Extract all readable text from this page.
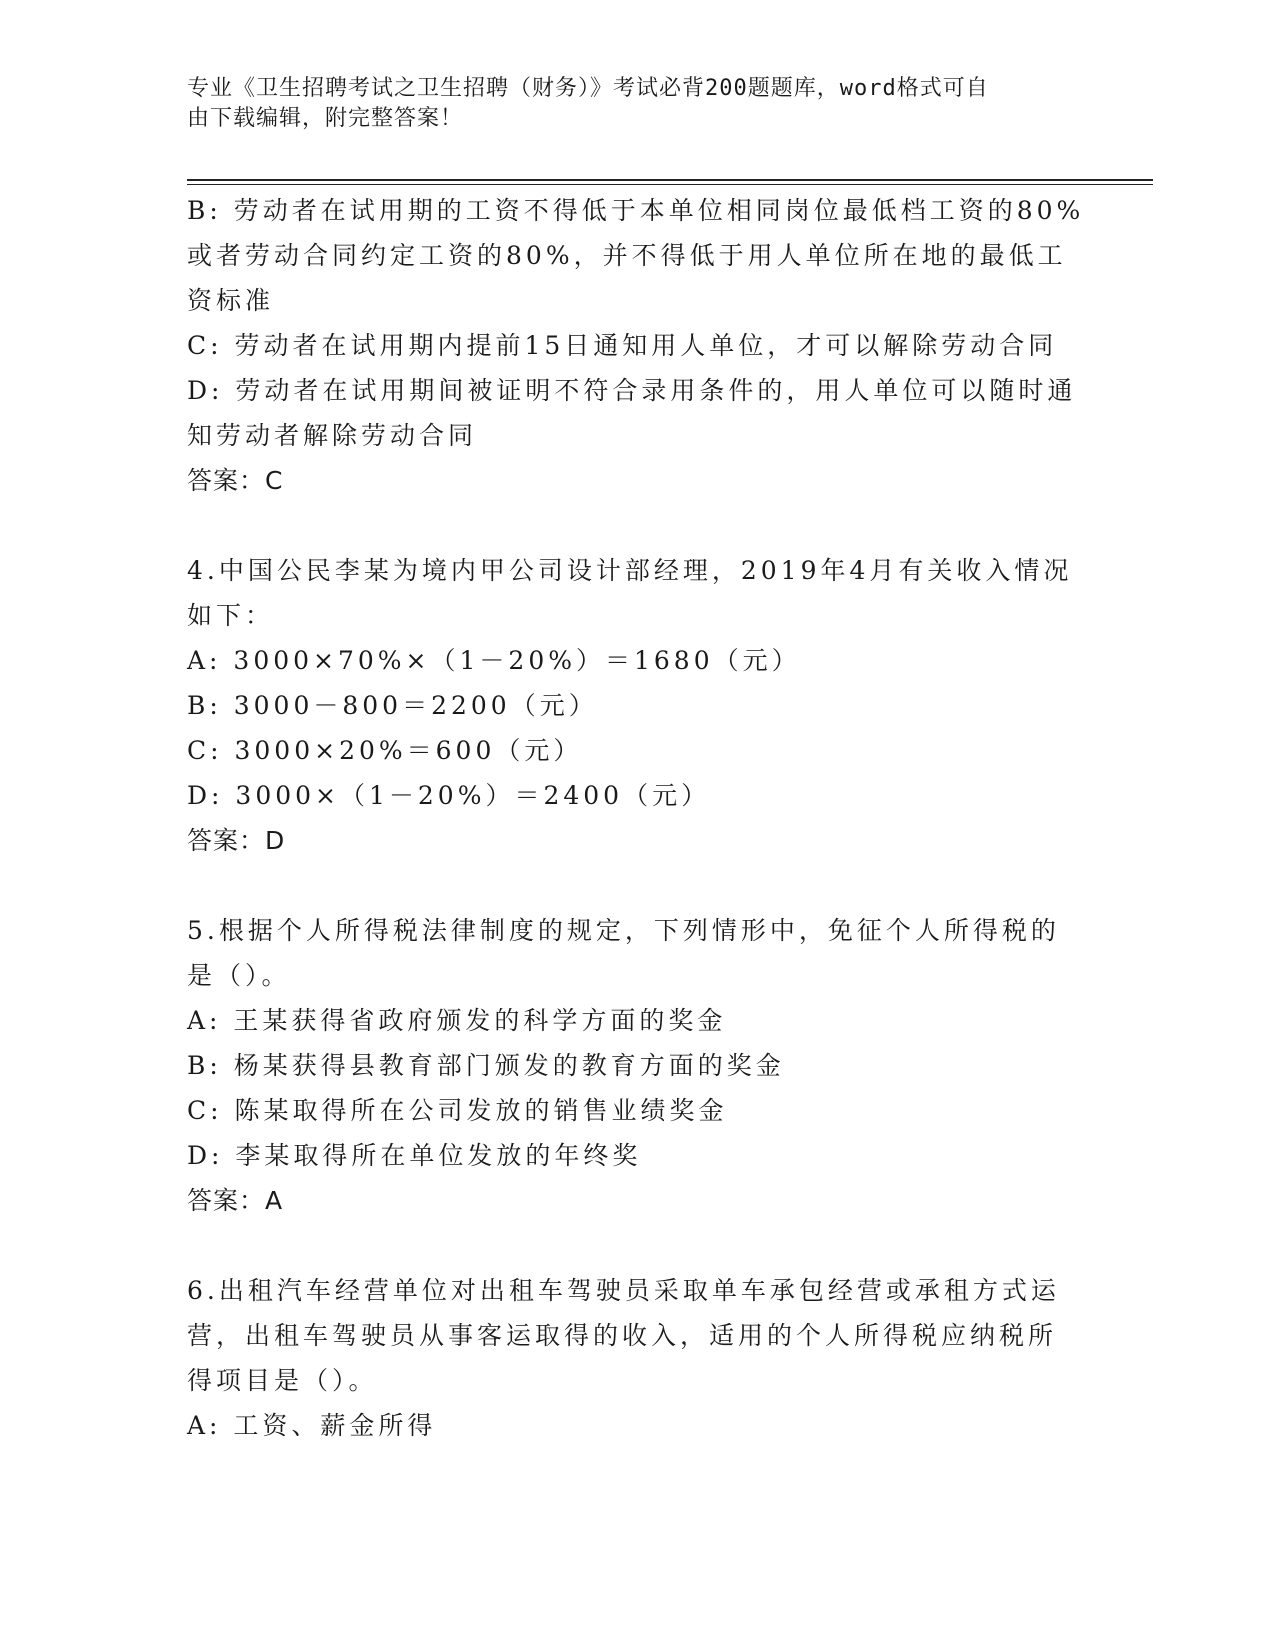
专业《卫生招聘考试之卫生招聘（财务）》考试必背200题题库，word格式可自
由下载编辑，附完整答案！
B: 劳动者在试用期的工资不得低于本单位相同岗位最低档工资的80%
或者劳动合同约定工资的80%，并不得低于用人单位所在地的最低工
资标准
C: 劳动者在试用期内提前15日通知用人单位，才可以解除劳动合同
D: 劳动者在试用期间被证明不符合录用条件的，用人单位可以随时通
知劳动者解除劳动合同
答案：C
4.中国公民李某为境内甲公司设计部经理，2019年4月有关收入情况
如下：
A: 3000×70%×（1－20%）＝1680（元）
B: 3000－800＝2200（元）
C: 3000×20%＝600（元）
D: 3000×（1－20%）＝2400（元）
答案：D
5.根据个人所得税法律制度的规定，下列情形中，免征个人所得税的
是（）。
A: 王某获得省政府颁发的科学方面的奖金
B: 杨某获得县教育部门颁发的教育方面的奖金
C: 陈某取得所在公司发放的销售业绩奖金
D: 李某取得所在单位发放的年终奖
答案：A
6.出租汽车经营单位对出租车驾驶员采取单车承包经营或承租方式运
营，出租车驾驶员从事客运取得的收入，适用的个人所得税应纳税所
得项目是（）。
A: 工资、薪金所得
